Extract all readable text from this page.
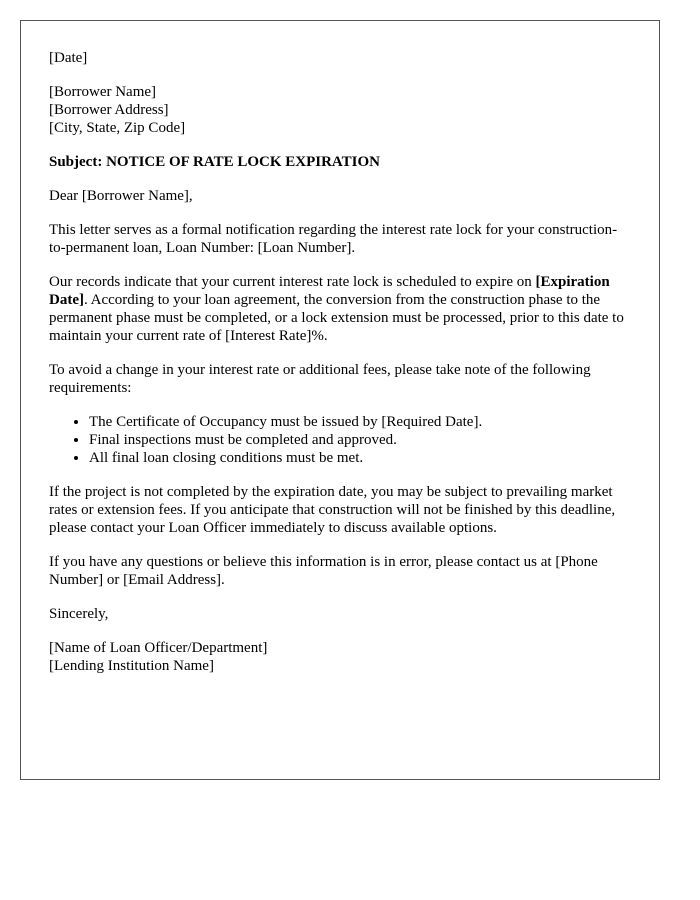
[Date]

[Borrower Name]
[Borrower Address]
[City, State, Zip Code]

Subject: NOTICE OF RATE LOCK EXPIRATION

Dear [Borrower Name],

This letter serves as a formal notification regarding the interest rate lock for your construction-to-permanent loan, Loan Number: [Loan Number].

Our records indicate that your current interest rate lock is scheduled to expire on [Expiration Date]. According to your loan agreement, the conversion from the construction phase to the permanent phase must be completed, or a lock extension must be processed, prior to this date to maintain your current rate of [Interest Rate]%.

To avoid a change in your interest rate or additional fees, please take note of the following requirements:

• The Certificate of Occupancy must be issued by [Required Date].
• Final inspections must be completed and approved.
• All final loan closing conditions must be met.

If the project is not completed by the expiration date, you may be subject to prevailing market rates or extension fees. If you anticipate that construction will not be finished by this deadline, please contact your Loan Officer immediately to discuss available options.

If you have any questions or believe this information is in error, please contact us at [Phone Number] or [Email Address].

Sincerely,

[Name of Loan Officer/Department]
[Lending Institution Name]
